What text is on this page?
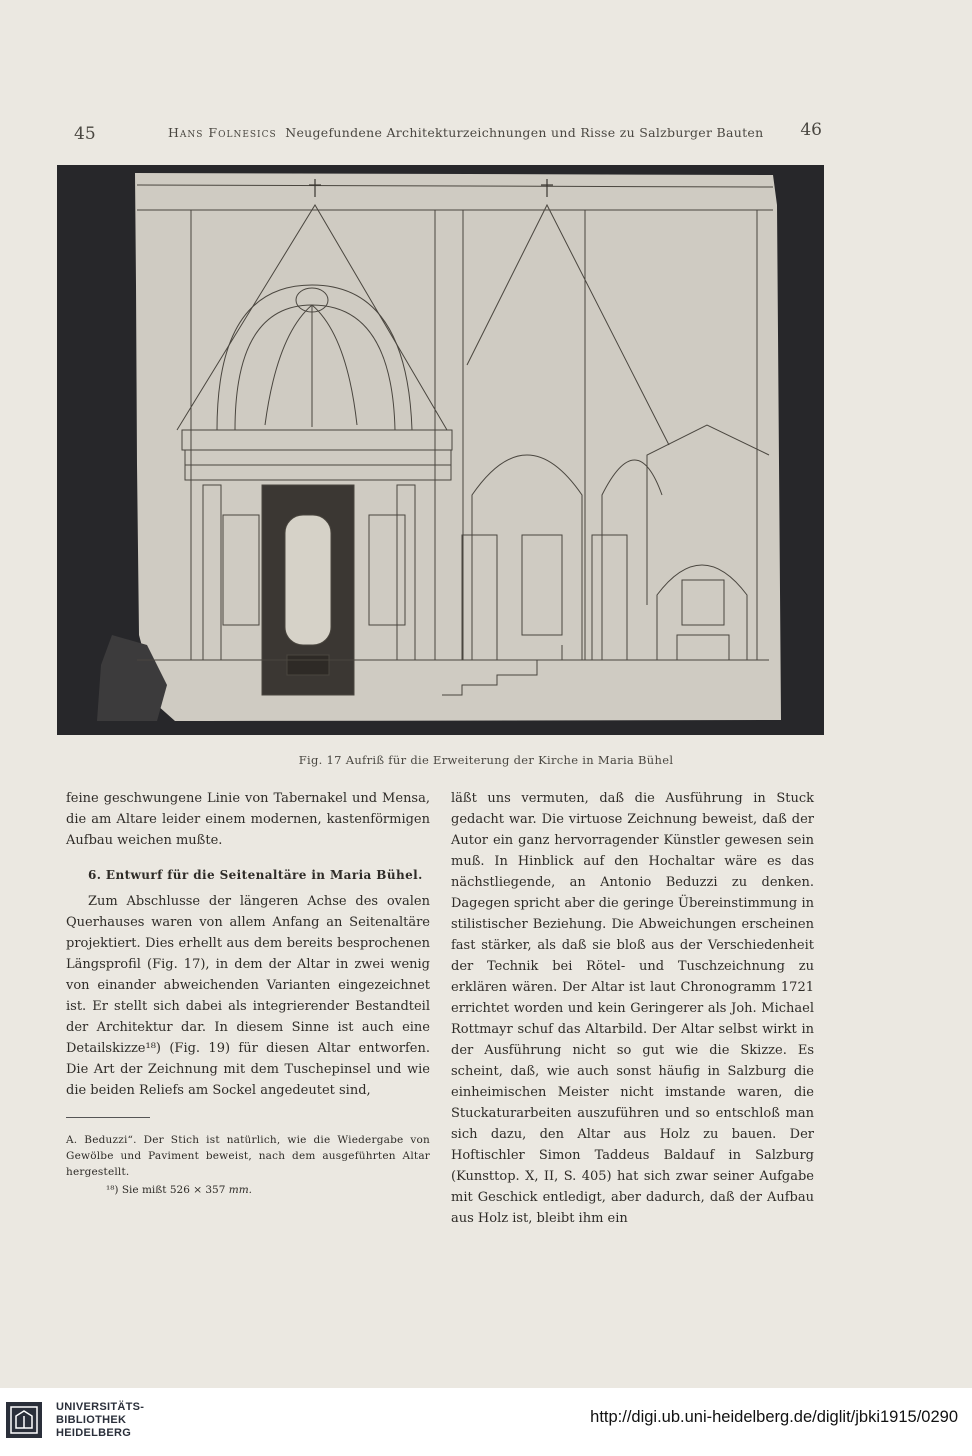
45	Hans Folnesics Neugefundene Architekturzeichnungen und Risse zu Salzburger Bauten 46
Fig. 17 Aufriß für die Erweiterung der Kirche in Maria Bühel

feine geschwungene Linie von Tabernakel und Mensa, die am Altare leider einem modernen, kastenförmigen Aufbau weichen mußte.

6. Entwurf für die Seitenaltäre in Maria Bühel.

Zum Abschlusse der längeren Achse des ovalen Querhauses waren von allem Anfang an Seitenaltäre projektiert. Dies erhellt aus dem bereits besprochenen Längsprofil (Fig. 17), in dem der Altar in zwei wenig von einander abweichenden Varianten eingezeichnet ist. Er stellt sich dabei als integrierender Bestandteil der Architektur dar. In diesem Sinne ist auch eine Detailskizze¹⁸) (Fig. 19) für diesen Altar entworfen. Die Art der Zeichnung mit dem Tuschepinsel und wie die beiden Reliefs am Sockel angedeutet sind,

A. Beduzzi“. Der Stich ist natürlich, wie die Wiedergabe von Gewölbe und Paviment beweist, nach dem ausgeführten Altar hergestellt.

¹⁸) Sie mißt 526 × 357 mm.

läßt uns vermuten, daß die Ausführung in Stuck gedacht war. Die virtuose Zeichnung beweist, daß der Autor ein ganz hervorragender Künstler gewesen sein muß. In Hinblick auf den Hochaltar wäre es das nächstliegende, an Antonio Beduzzi zu denken. Dagegen spricht aber die geringe Übereinstimmung in stilistischer Beziehung. Die Abweichungen erscheinen fast stärker, als daß sie bloß aus der Verschiedenheit der Technik bei Rötel- und Tuschzeichnung zu erklären wären. Der Altar ist laut Chronogramm 1721 errichtet worden und kein Geringerer als Joh. Michael Rottmayr schuf das Altarbild. Der Altar selbst wirkt in der Ausführung nicht so gut wie die Skizze. Es scheint, daß, wie auch sonst häufig in Salzburg die einheimischen Meister nicht imstande waren, die Stuckaturarbeiten auszuführen und so entschloß man sich dazu, den Altar aus Holz zu bauen. Der Hoftischler Simon Taddeus Baldauf in Salzburg (Kunsttop. X, II, S. 405) hat sich zwar seiner Aufgabe mit Geschick entledigt, aber dadurch, daß der Aufbau aus Holz ist, bleibt ihm ein

UNIVERSITÄTS-
BIBLIOTHEK
HEIDELBERG
http://digi.ub.uni-heidelberg.de/diglit/jbki1915/0290
